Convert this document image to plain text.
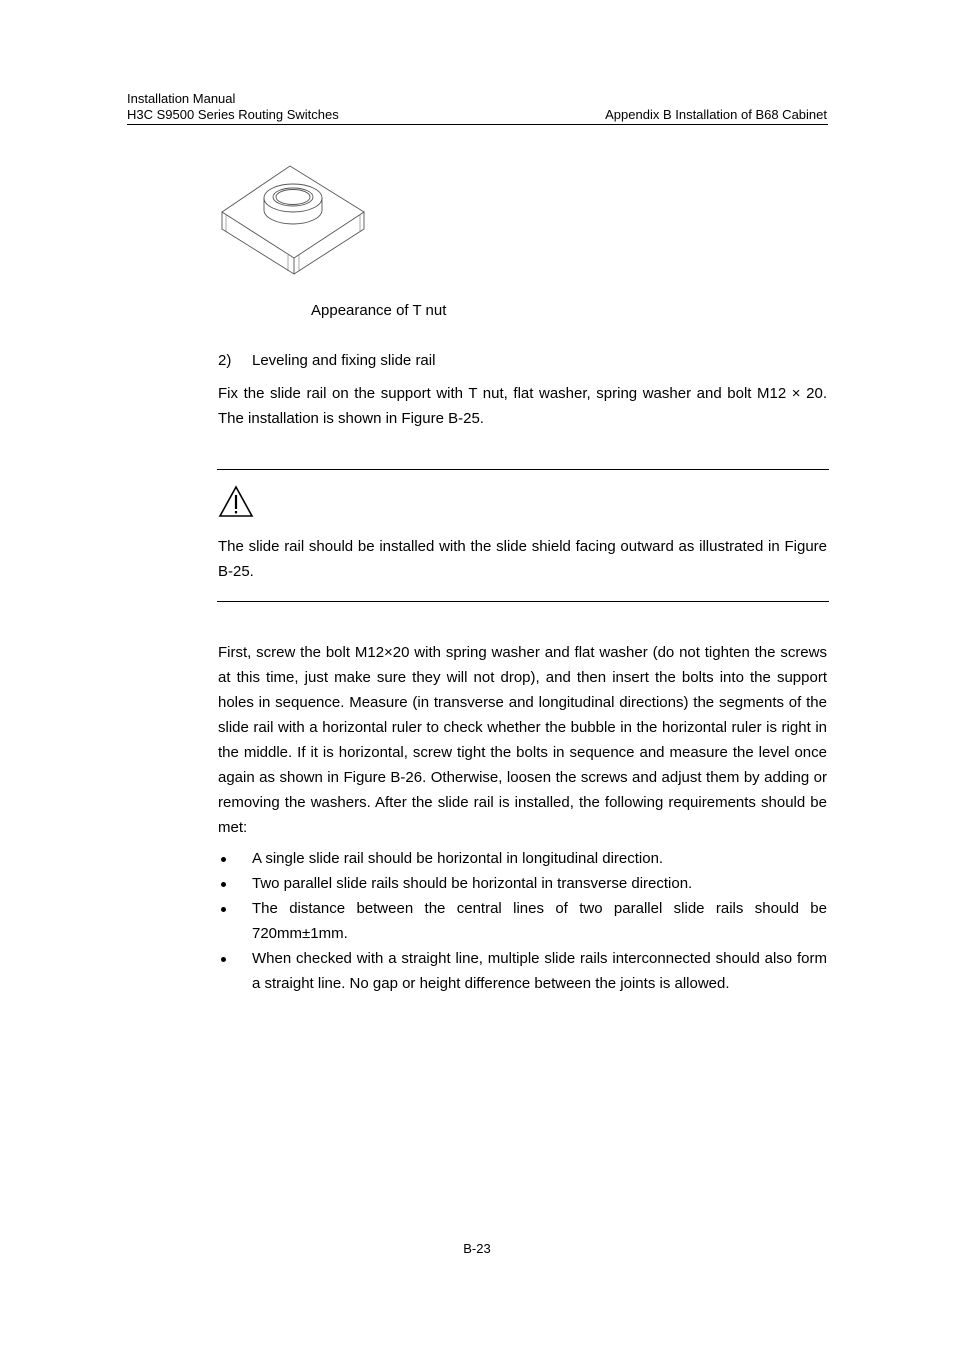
Installation Manual
H3C S9500 Series Routing Switches	Appendix B Installation of B68 Cabinet
Appearance of T nut
2) Leveling and fixing slide rail

Fix the slide rail on the support with T nut, flat washer, spring washer and bolt M12 × 20. The installation is shown in Figure B-25.

The slide rail should be installed with the slide shield facing outward as illustrated in Figure B-25.

First, screw the bolt M12×20 with spring washer and flat washer (do not tighten the screws at this time, just make sure they will not drop), and then insert the bolts into the support holes in sequence. Measure (in transverse and longitudinal directions) the segments of the slide rail with a horizontal ruler to check whether the bubble in the horizontal ruler is right in the middle. If it is horizontal, screw tight the bolts in sequence and measure the level once again as shown in Figure B-26. Otherwise, loosen the screws and adjust them by adding or removing the washers. After the slide rail is installed, the following requirements should be met:

A single slide rail should be horizontal in longitudinal direction.
Two parallel slide rails should be horizontal in transverse direction.
The distance between the central lines of two parallel slide rails should be 720mm±1mm.
When checked with a straight line, multiple slide rails interconnected should also form a straight line. No gap or height difference between the joints is allowed.
B-23
